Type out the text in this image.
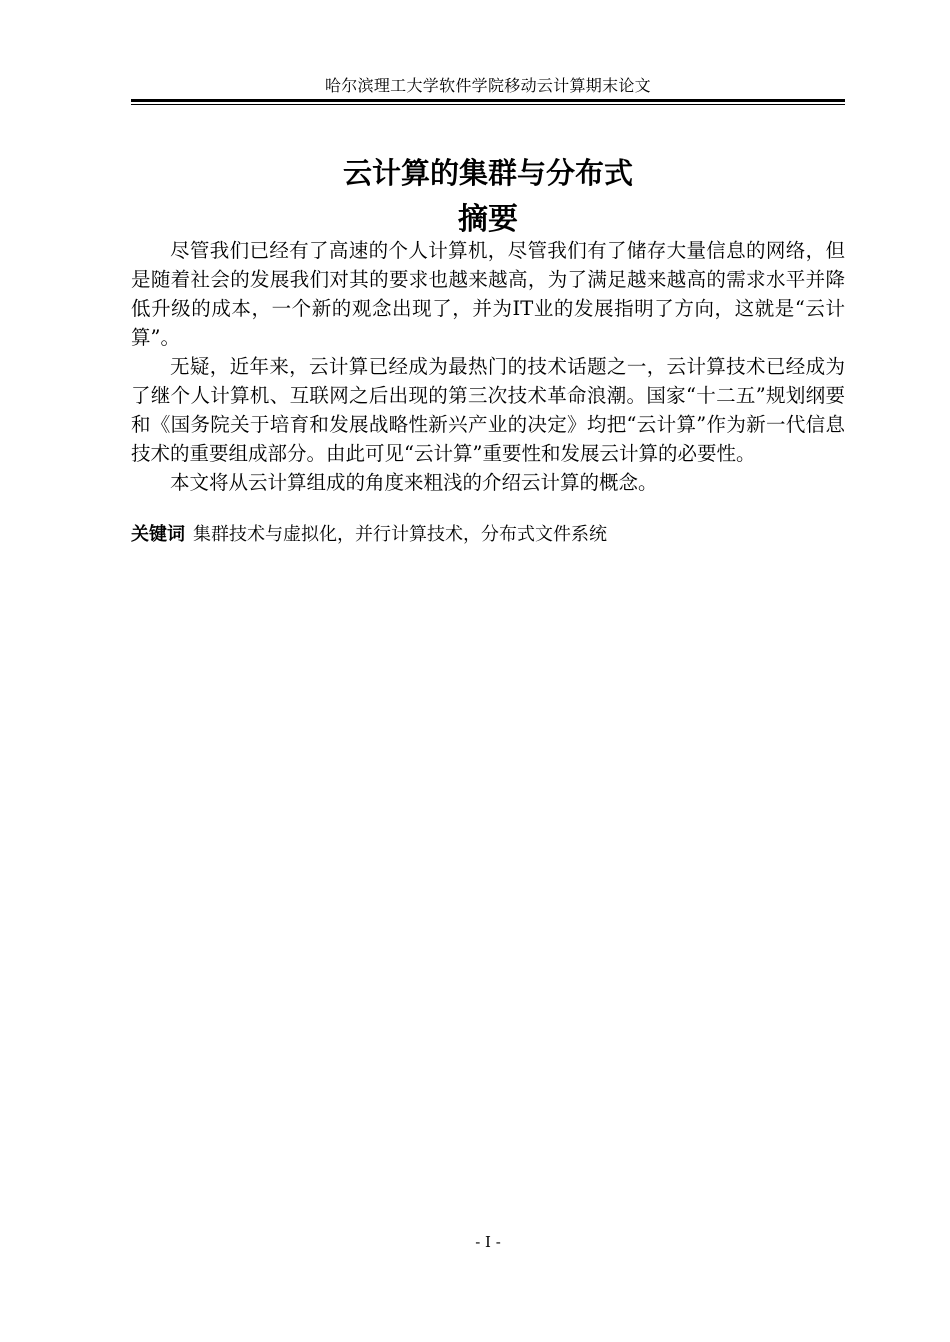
哈尔滨理工大学软件学院移动云计算期末论文
云计算的集群与分布式
摘要

尽管我们已经有了高速的个人计算机，尽管我们有了储存大量信息的网络，但是随着社会的发展我们对其的要求也越来越高，为了满足越来越高的需求水平并降低升级的成本，一个新的观念出现了，并为IT业的发展指明了方向，这就是“云计算”。

无疑，近年来，云计算已经成为最热门的技术话题之一，云计算技术已经成为了继个人计算机、互联网之后出现的第三次技术革命浪潮。国家“十二五”规划纲要和《国务院关于培育和发展战略性新兴产业的决定》均把“云计算”作为新一代信息技术的重要组成部分。由此可见“云计算”重要性和发展云计算的必要性。

本文将从云计算组成的角度来粗浅的介绍云计算的概念。

关键词 集群技术与虚拟化，并行计算技术，分布式文件系统
- I -
